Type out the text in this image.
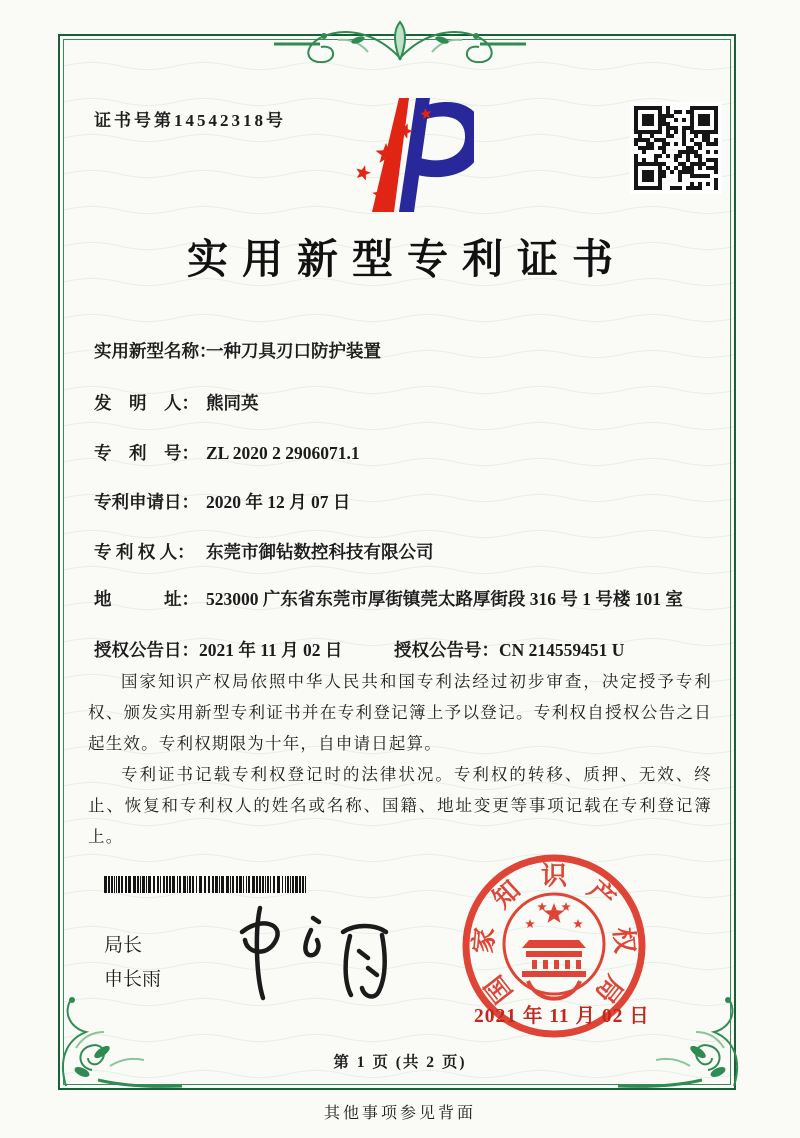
证书号第14542318号
实用新型专利证书
实用新型名称：
一种刀具刃口防护装置
发　明　人： 熊同英
专　利　号： ZL 2020 2 2906071.1
专利申请日： 2020 年 12 月 07 日
专 利 权 人： 东莞市御钻数控科技有限公司
地　　　址： 523000 广东省东莞市厚街镇莞太路厚街段 316 号 1 号楼 101 室
授权公告日：2021 年 11 月 02 日	授权公告号：CN 214559451 U

国家知识产权局依照中华人民共和国专利法经过初步审查，决定授予专利权、颁发实用新型专利证书并在专利登记簿上予以登记。专利权自授权公告之日起生效。专利权期限为十年，自申请日起算。

专利证书记载专利权登记时的法律状况。专利权的转移、质押、无效、终止、恢复和专利权人的姓名或名称、国籍、地址变更等事项记载在专利登记簿上。

局长
申长雨	国
家
知 识 产
权
局
2021 年 11 月 02 日
第 1 页 (共 2 页)
其他事项参见背面
